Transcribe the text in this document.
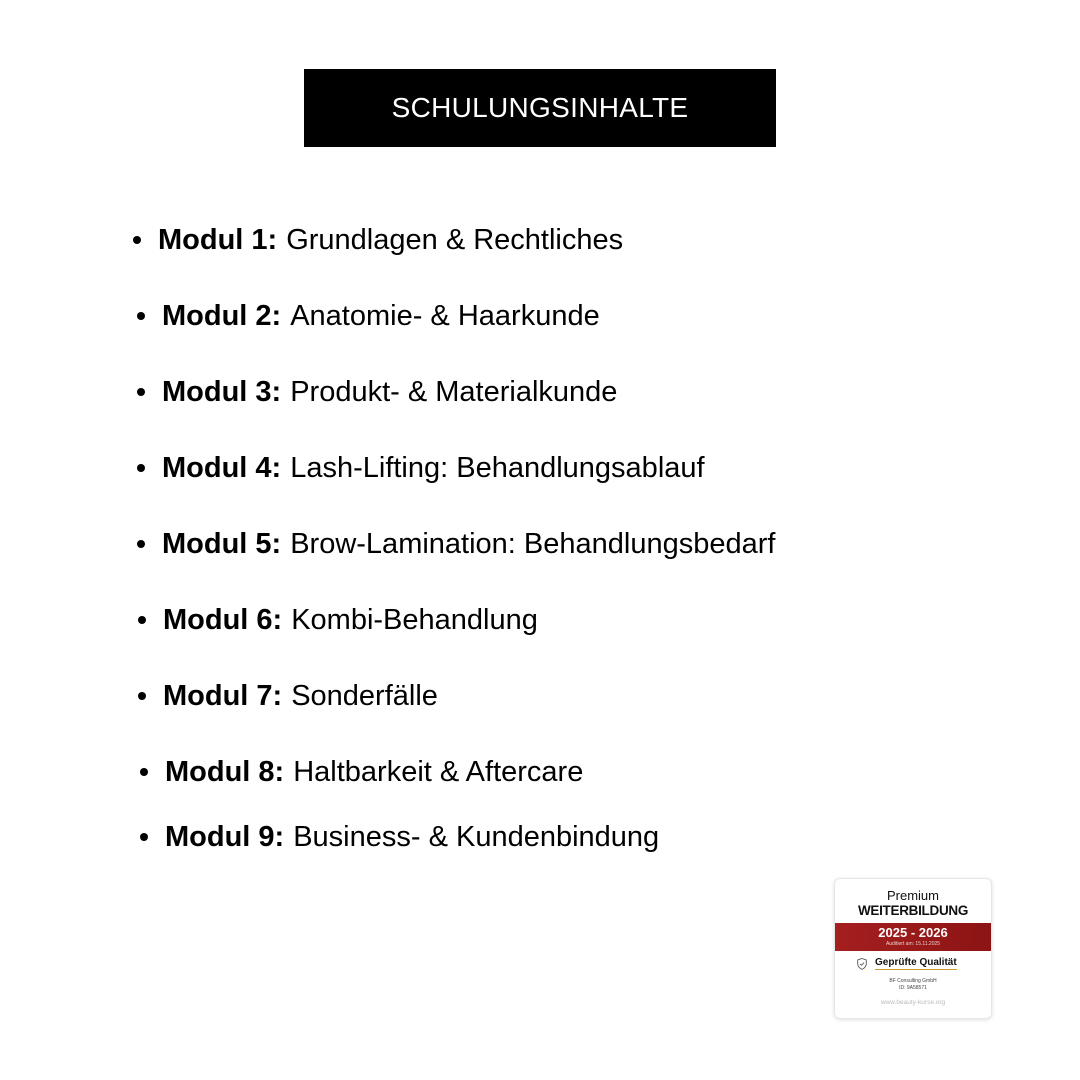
SCHULUNGSINHALTE
Modul 1: Grundlagen & Rechtliches
Modul 2: Anatomie- & Haarkunde
Modul 3: Produkt- & Materialkunde
Modul 4: Lash-Lifting: Behandlungsablauf
Modul 5: Brow-Lamination: Behandlungsbedarf
Modul 6: Kombi-Behandlung
Modul 7: Sonderfälle
Modul 8: Haltbarkeit & Aftercare
Modul 9: Business- & Kundenbindung
Premium
WEITERBILDUNG
2025 - 2026
Auditiert am: 15.11.2025
Geprüfte Qualität
BF Consulting GmbH
ID: 9A58571
www.beauty-kurse.org
